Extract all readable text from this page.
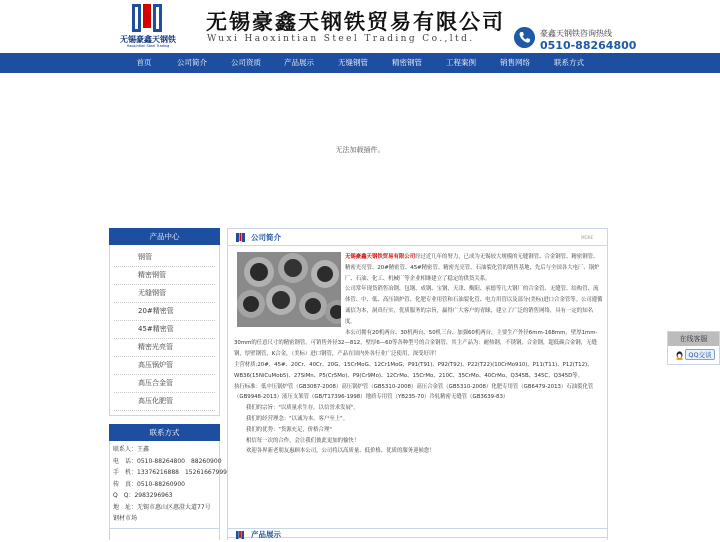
无锡豪鑫天钢铁
Haoxintian Steel Trading
无锡豪鑫天钢铁贸易有限公司
Wuxi Haoxintian Steel Trading Co.,ltd.
豪鑫天钢铁咨询热线
0510-88264800
首页	公司简介	公司资质	产品展示	无缝钢管	精密钢管	工程案例	销售网络	联系方式
无法加载插件。
产品中心
钢管
精密钢管
无缝钢管
20#精密管
45#精密管
精密光亮管
高压锅炉管
高压合金管
高压化肥管
联系方式
联系人：王鑫
电　话：0510-88264800　88260900
手　机：13376216888　15261667999
传　真：0510-88260900
Q　Q：2983296963
地　址：无锡市惠山区惠澄大道77号钢材市场
公司简介	MORE

无锡豪鑫天钢铁贸易有限公司经过近几年的努力，已成为无锡较大规模的无缝钢管、合金钢管、精密钢管、精密光亮管、20#精密管、45#精密管、精密光亮管、石油裂化管的销售基地，先后与全国各大电厂、锅炉厂、石油、化工、机械厂等企业相继建立了稳定的供货关系。

公司常年现货销售冶钢、包钢、成钢、宝钢、天津、衡阳、承德等几大钢厂的合金管、无缝管、结构管、流体管、中、低、高压锅炉管、化肥专业用管和石油裂化管、电力用管以及部分(美标)进口合金管等。公司遵循诚信为本，洞真行实，优质服务的宗旨，赢得广大客户的青睐，建立了广泛的销售网络，具有一定的知名度。

本公司拥有20机两台、30机两台、50机三台、加强60机两台，主要生产外径6mm-168mm，壁厚1mm-30mm的任意尺寸的精密钢管。可销售外径32—812，壁厚6—60等各种型号的合金钢管，其主产品为：耐热钢，不锈钢，合金钢，超低碳合金钢，无缝钢，厚壁钢管，K合金，（美标）进口钢管，产品在国内外各行业广泛使用，深受好评！

主营材质:20#、45#、20Cr、40Cr、20G、15CrMoG、12Cr1MoG、P91(T91)、P92(T92)、P22(T22)(10CrMo910)、P11(T11)、P12(T12)、WB36(15NiCuMob5)、27SiMn、P5(Cr5Mo)、P9(Cr9Mo)、12CrMo、15CrMo、210C、35CrMo、40CrMo、Q345B、345C、Q345D等。

执行标准：低中压锅炉管（GB3087-2008）高压锅炉管（GB5310-2008）高压合金管（GB5310-2008）化肥专用管（GB6479-2013）石油裂化管（GB9948-2013）液压支架管（GB/T17396-1998）地质专用管（YB235-70）冷轧精密无缝管（GB3639-83）

我们的宗旨："以质量求生存，以信誉求发展"。

我们的经营理念："以诚为本，客户至上"。

我们的优势："货源充足，价格合理"

相信每一次的合作，会让我们彼此更加的愉快！

欢迎各界新老朋友惠顾本公司，公司将以高质量、低价格、优质的服务迎候您！

产品展示
在线客服
QQ交谈
